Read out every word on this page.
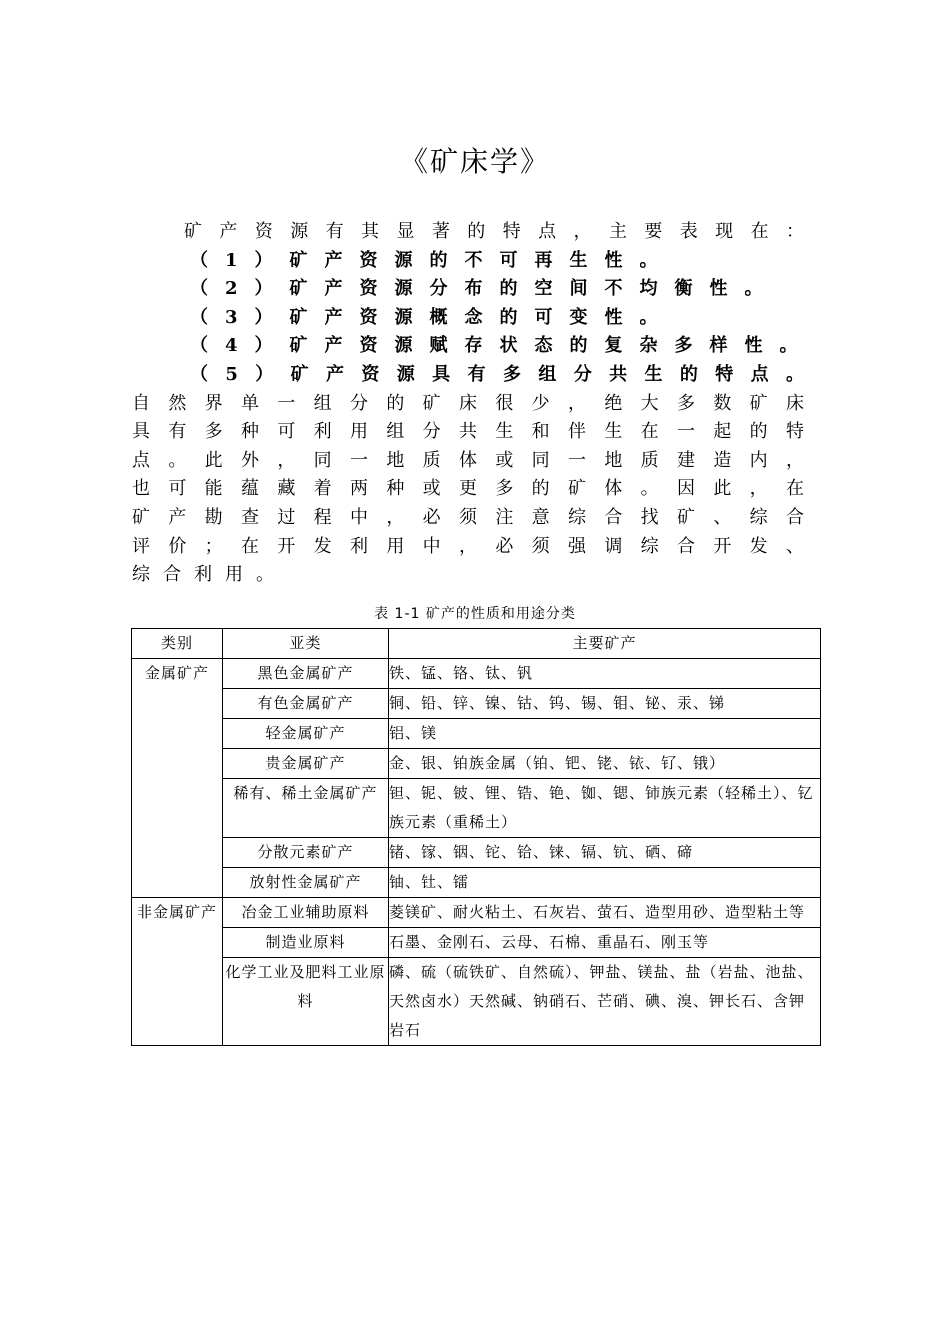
《矿床学》
矿产资源有其显著的特点，主要表现在：
（1）矿产资源的不可再生性。
（2）矿产资源分布的空间不均衡性。
（3）矿产资源概念的可变性。
（4）矿产资源赋存状态的复杂多样性。
（5）矿产资源具有多组分共生的特点。
自然界单一组分的矿床很少，绝大多数矿床
具有多种可利用组分共生和伴生在一起的特
点。此外，同一地质体或同一地质建造内，
也可能蕴藏着两种或更多的矿体。因此，在
矿产勘查过程中，必须注意综合找矿、综合
评价；在开发利用中，必须强调综合开发、
综合利用。
表 1-1 矿产的性质和用途分类
类别	亚类	主要矿产
金属矿产	黑色金属矿产	铁、锰、铬、钛、钒
	有色金属矿产	铜、铅、锌、镍、钴、钨、锡、钼、铋、汞、锑
	轻金属矿产	铝、镁
	贵金属矿产	金、银、铂族金属（铂、钯、铑、铱、钌、锇）
	稀有、稀土金属矿产	钽、铌、铍、锂、锆、铯、铷、锶、铈族元素（轻稀土）、钇族元素（重稀土）
	分散元素矿产	锗、镓、铟、铊、铪、铼、镉、钪、硒、碲
	放射性金属矿产	铀、钍、镭
非金属矿产	冶金工业辅助原料	菱镁矿、耐火粘土、石灰岩、萤石、造型用砂、造型粘土等
	制造业原料	石墨、金刚石、云母、石棉、重晶石、刚玉等
	化学工业及肥料工业原料	磷、硫（硫铁矿、自然硫）、钾盐、镁盐、盐（岩盐、池盐、天然卤水）天然碱、钠硝石、芒硝、碘、溴、钾长石、含钾岩石
